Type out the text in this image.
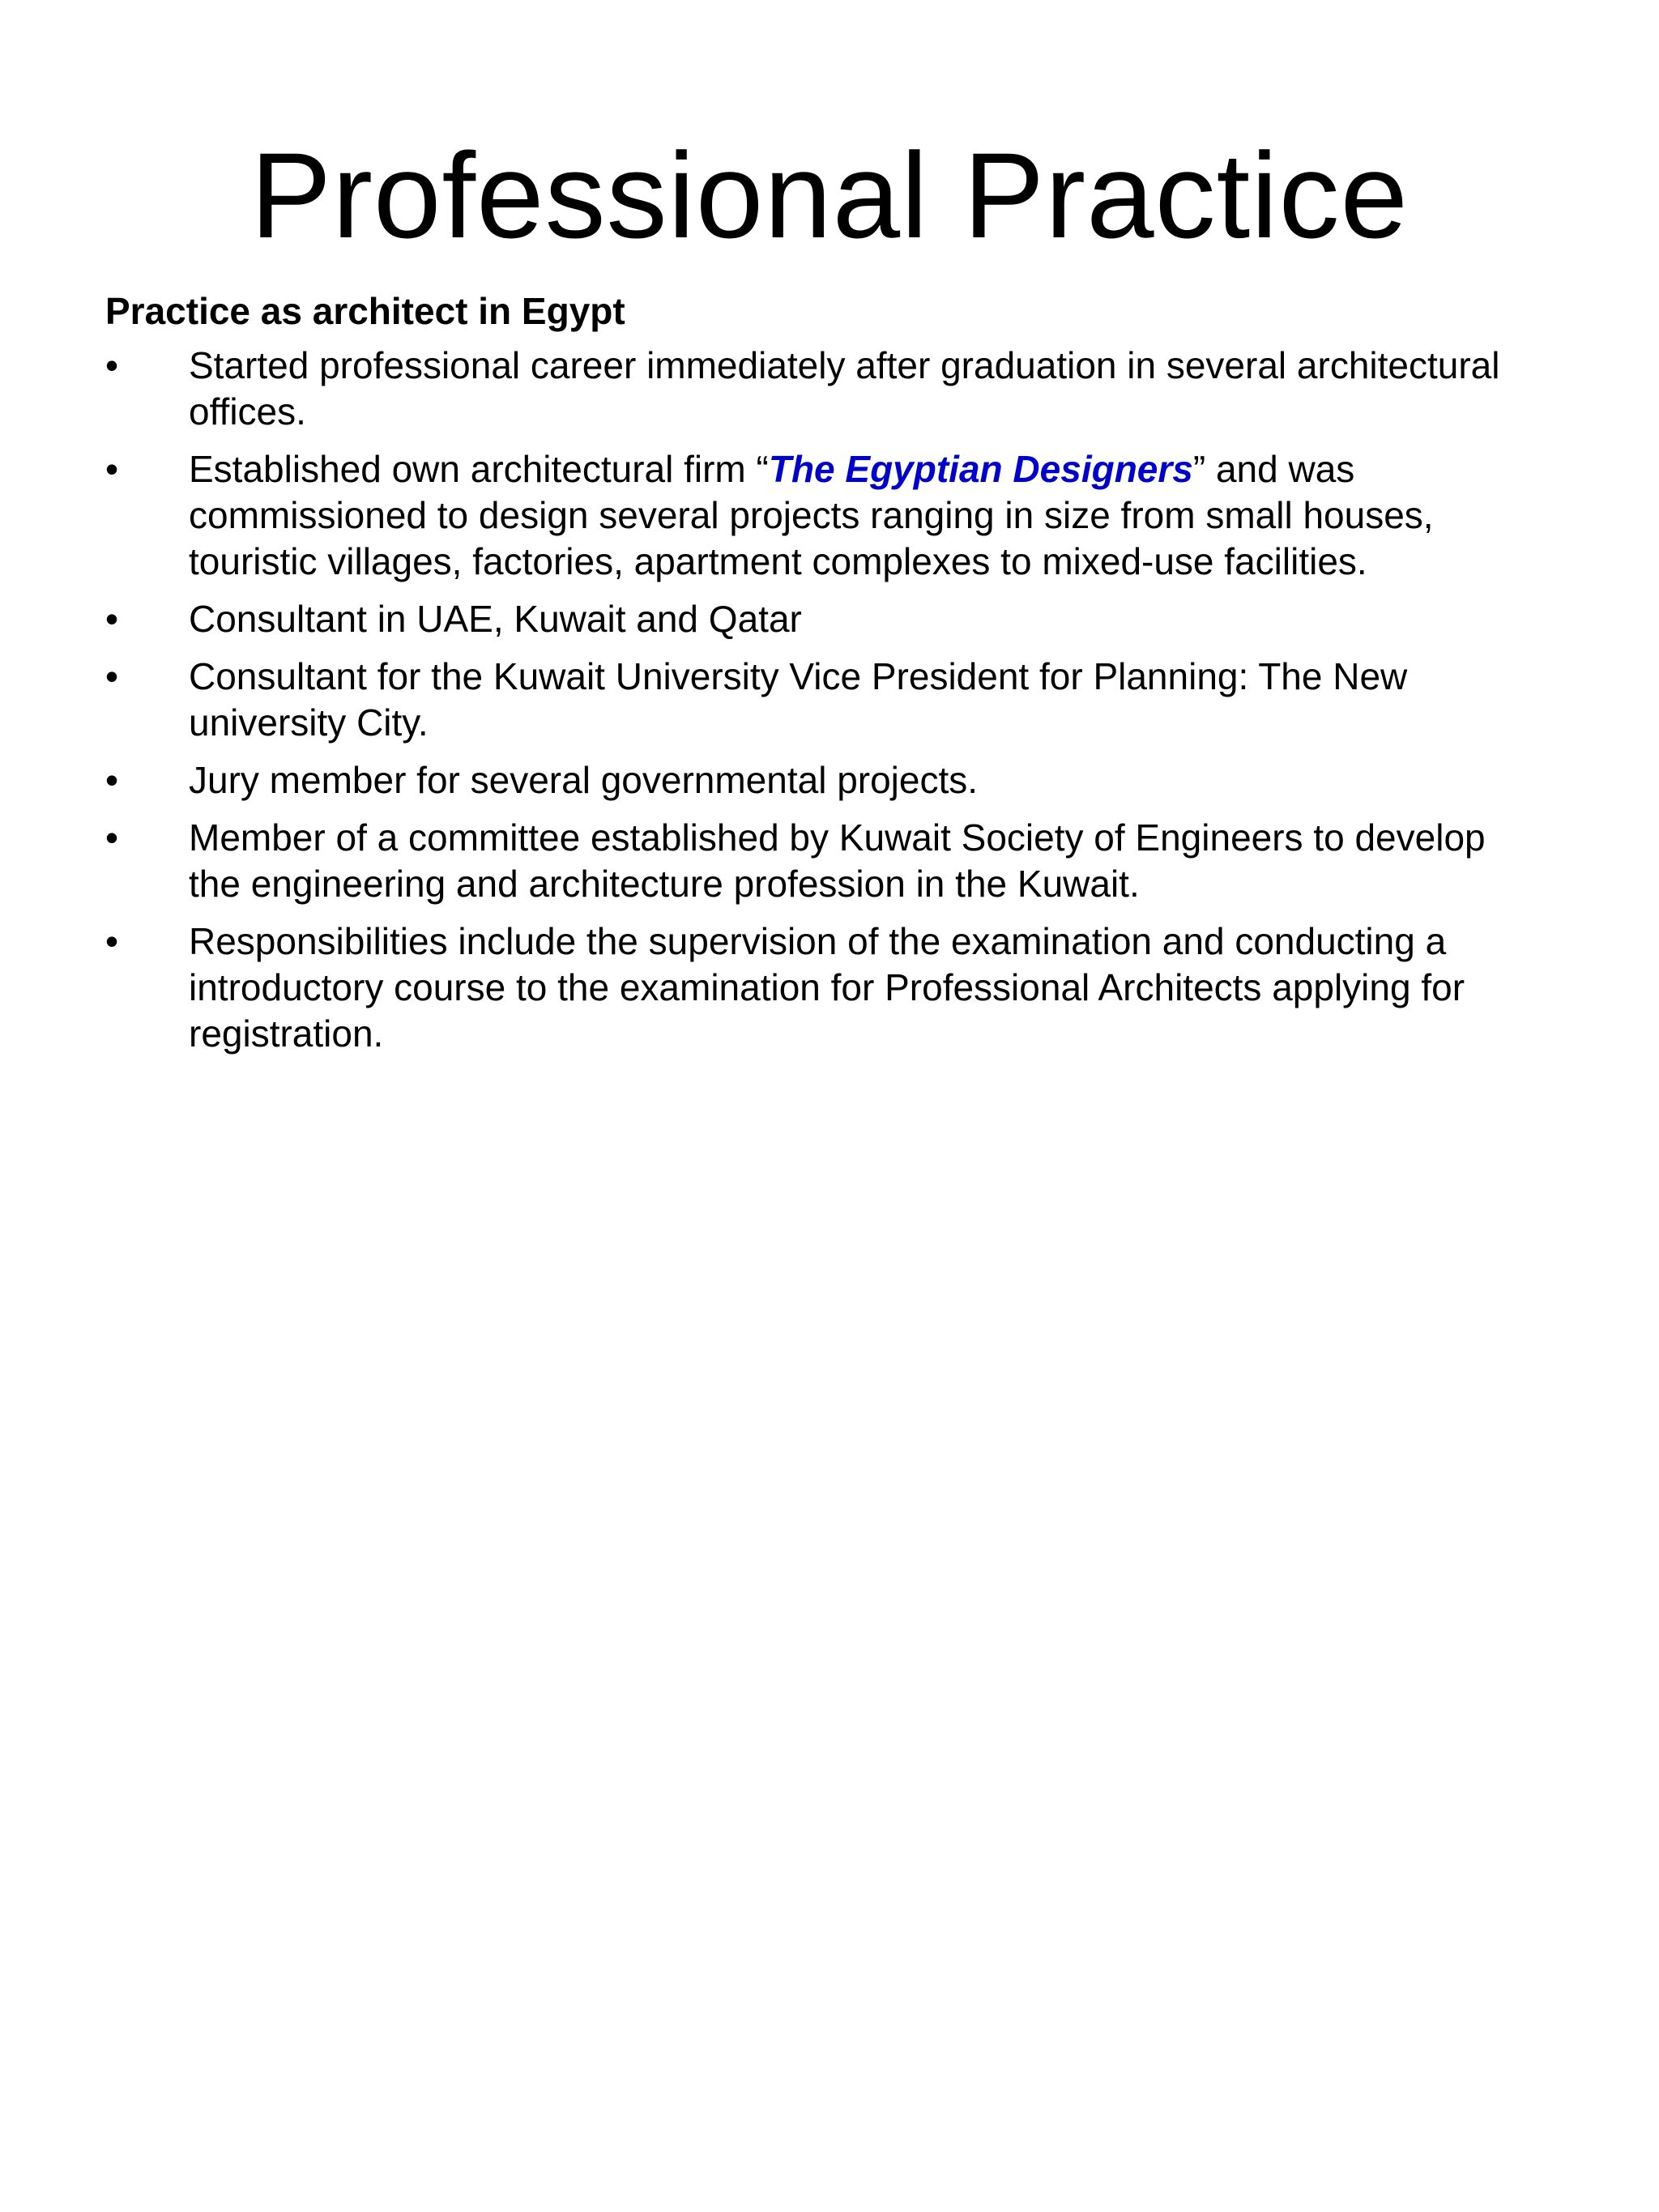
Professional Practice
Practice as architect in Egypt
• Started professional career immediately after graduation in several architectural offices.
• Established own architectural firm “The Egyptian Designers” and was commissioned to design several projects ranging in size from small houses, touristic villages, factories, apartment complexes to mixed-use facilities.
• Consultant in UAE, Kuwait and Qatar
• Consultant for the Kuwait University Vice President for Planning: The New university City.
• Jury member for several governmental projects.
• Member of a committee established by Kuwait Society of Engineers to develop the engineering and architecture profession in the Kuwait.
• Responsibilities include the supervision of the examination and conducting a introductory course to the examination for Professional Architects applying for registration.
